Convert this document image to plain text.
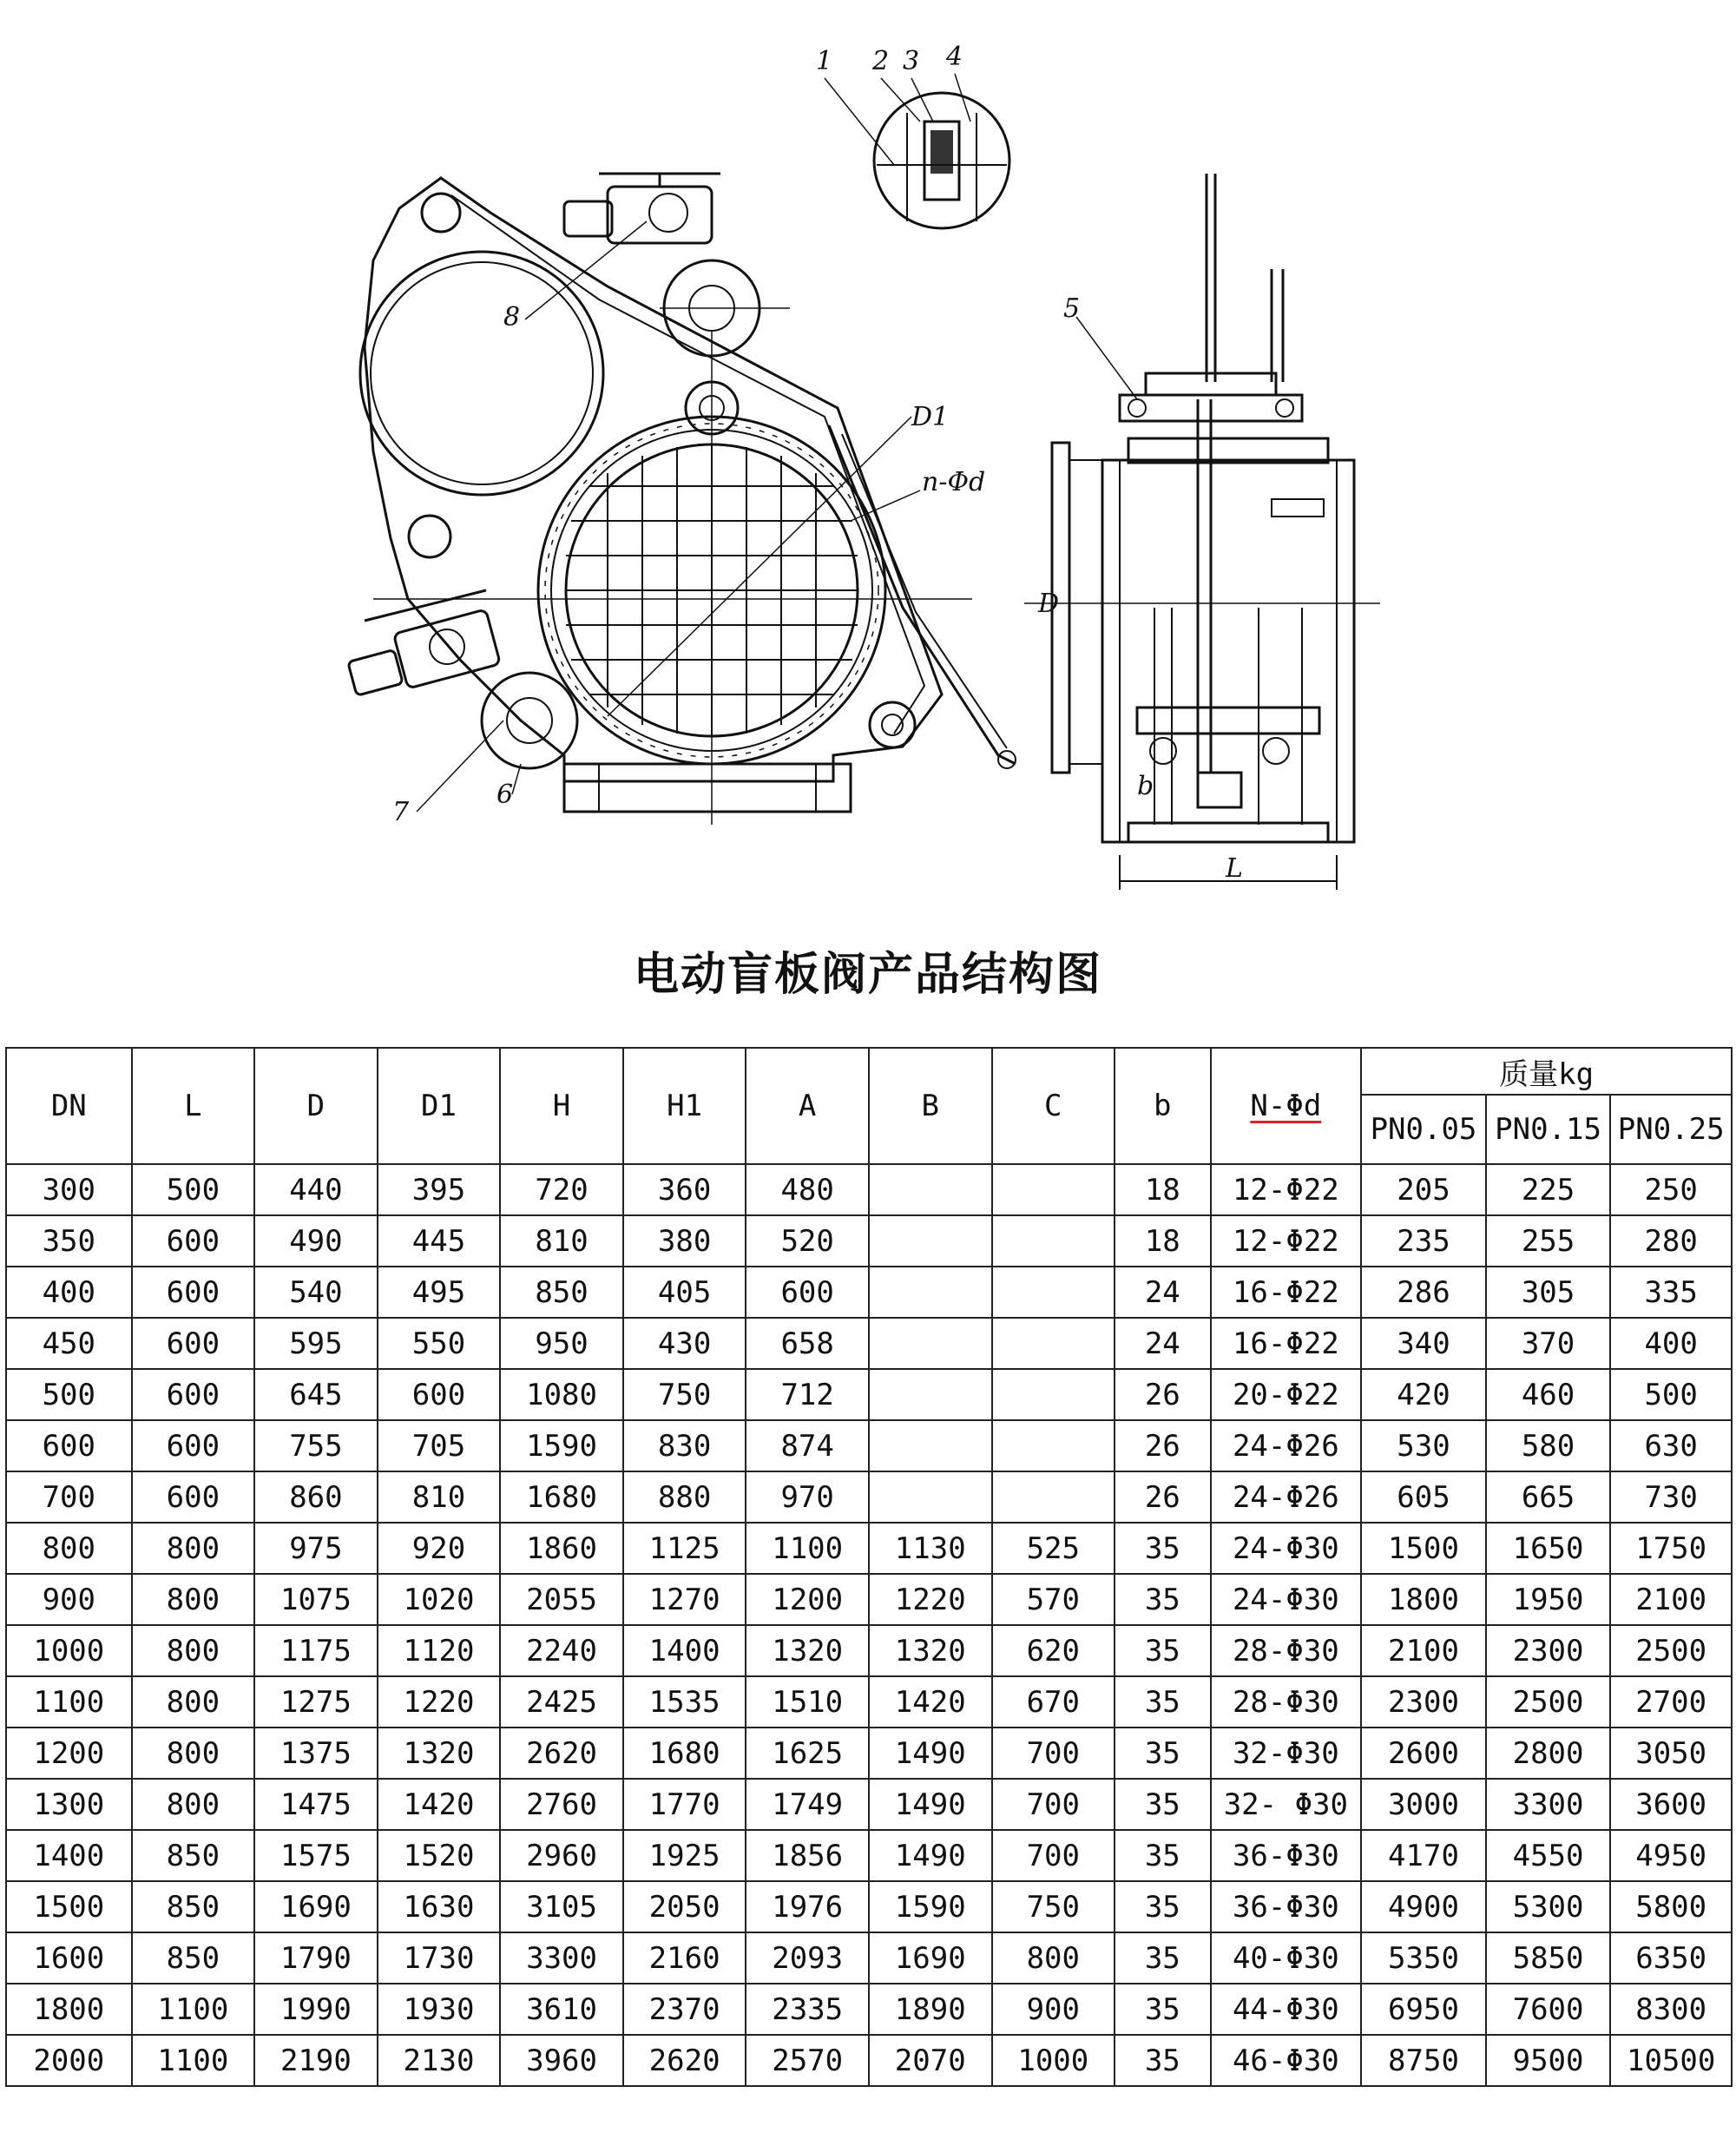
8
7
6
D1
n-Φd
1 2 3 4
L
D
b
5
电动盲板阀产品结构图
DN	L	D	D1	H	H1	A	B	C	b	N-Φd	质量kg		
											PN0.05	PN0.15	PN0.25
300	500	440	395	720	360	480			18	12-Φ22	205	225	250
350	600	490	445	810	380	520			18	12-Φ22	235	255	280
400	600	540	495	850	405	600			24	16-Φ22	286	305	335
450	600	595	550	950	430	658			24	16-Φ22	340	370	400
500	600	645	600	1080	750	712			26	20-Φ22	420	460	500
600	600	755	705	1590	830	874			26	24-Φ26	530	580	630
700	600	860	810	1680	880	970			26	24-Φ26	605	665	730
800	800	975	920	1860	1125	1100	1130	525	35	24-Φ30	1500	1650	1750
900	800	1075	1020	2055	1270	1200	1220	570	35	24-Φ30	1800	1950	2100
1000	800	1175	1120	2240	1400	1320	1320	620	35	28-Φ30	2100	2300	2500
1100	800	1275	1220	2425	1535	1510	1420	670	35	28-Φ30	2300	2500	2700
1200	800	1375	1320	2620	1680	1625	1490	700	35	32-Φ30	2600	2800	3050
1300	800	1475	1420	2760	1770	1749	1490	700	35	32- Φ30	3000	3300	3600
1400	850	1575	1520	2960	1925	1856	1490	700	35	36-Φ30	4170	4550	4950
1500	850	1690	1630	3105	2050	1976	1590	750	35	36-Φ30	4900	5300	5800
1600	850	1790	1730	3300	2160	2093	1690	800	35	40-Φ30	5350	5850	6350
1800	1100	1990	1930	3610	2370	2335	1890	900	35	44-Φ30	6950	7600	8300
2000	1100	2190	2130	3960	2620	2570	2070	1000	35	46-Φ30	8750	9500	10500
